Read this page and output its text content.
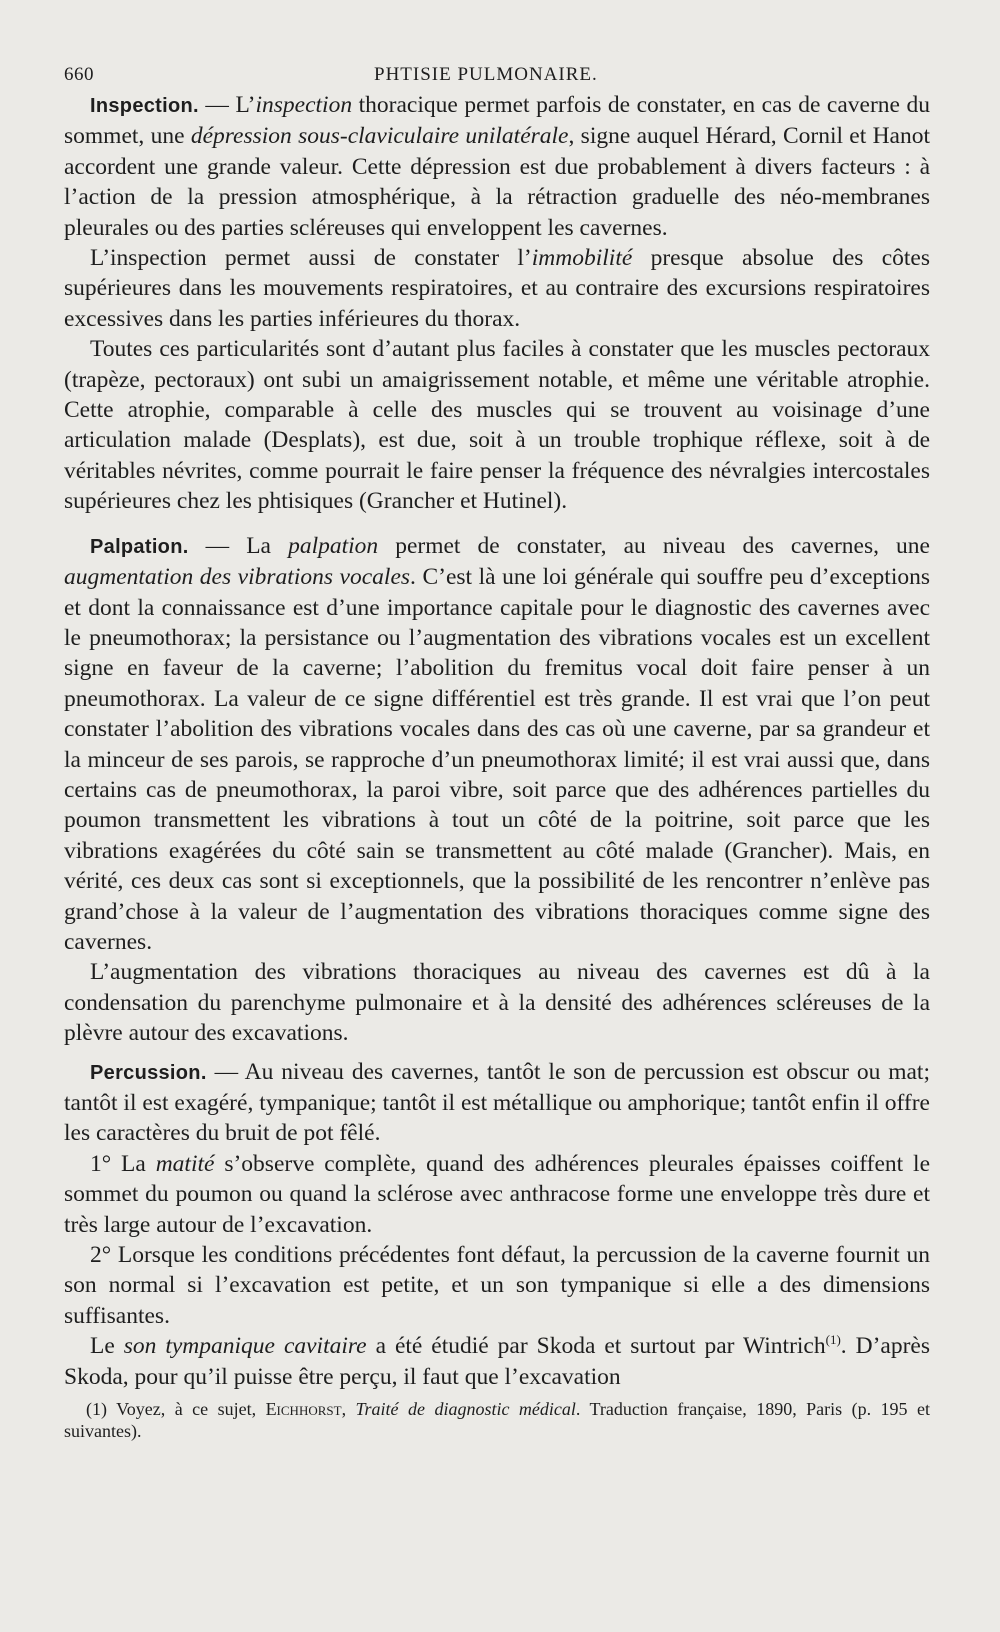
660	PHTISIE PULMONAIRE.

Inspection. — L’inspection thoracique permet parfois de constater, en cas de caverne du sommet, une dépression sous-claviculaire unilatérale, signe auquel Hérard, Cornil et Hanot accordent une grande valeur. Cette dépression est due probablement à divers facteurs : à l’action de la pression atmosphérique, à la rétraction graduelle des néo-membranes pleurales ou des parties scléreuses qui enveloppent les cavernes.

L’inspection permet aussi de constater l’immobilité presque absolue des côtes supérieures dans les mouvements respiratoires, et au contraire des excursions respiratoires excessives dans les parties inférieures du thorax.

Toutes ces particularités sont d’autant plus faciles à constater que les muscles pectoraux (trapèze, pectoraux) ont subi un amaigrissement notable, et même une véritable atrophie. Cette atrophie, comparable à celle des muscles qui se trouvent au voisinage d’une articulation malade (Desplats), est due, soit à un trouble trophique réflexe, soit à de véritables névrites, comme pourrait le faire penser la fréquence des névralgies intercostales supérieures chez les phtisiques (Grancher et Hutinel).

Palpation. — La palpation permet de constater, au niveau des cavernes, une augmentation des vibrations vocales. C’est là une loi générale qui souffre peu d’exceptions et dont la connaissance est d’une importance capitale pour le diagnostic des cavernes avec le pneumothorax; la persistance ou l’augmentation des vibrations vocales est un excellent signe en faveur de la caverne; l’abolition du fremitus vocal doit faire penser à un pneumothorax. La valeur de ce signe différentiel est très grande. Il est vrai que l’on peut constater l’abolition des vibrations vocales dans des cas où une caverne, par sa grandeur et la minceur de ses parois, se rapproche d’un pneumothorax limité; il est vrai aussi que, dans certains cas de pneumothorax, la paroi vibre, soit parce que des adhérences partielles du poumon transmettent les vibrations à tout un côté de la poitrine, soit parce que les vibrations exagérées du côté sain se transmettent au côté malade (Grancher). Mais, en vérité, ces deux cas sont si exceptionnels, que la possibilité de les rencontrer n’enlève pas grand’chose à la valeur de l’augmentation des vibrations thoraciques comme signe des cavernes.

L’augmentation des vibrations thoraciques au niveau des cavernes est dû à la condensation du parenchyme pulmonaire et à la densité des adhérences scléreuses de la plèvre autour des excavations.

Percussion. — Au niveau des cavernes, tantôt le son de percussion est obscur ou mat; tantôt il est exagéré, tympanique; tantôt il est métallique ou amphorique; tantôt enfin il offre les caractères du bruit de pot fêlé.

1° La matité s’observe complète, quand des adhérences pleurales épaisses coiffent le sommet du poumon ou quand la sclérose avec anthracose forme une enveloppe très dure et très large autour de l’excavation.

2° Lorsque les conditions précédentes font défaut, la percussion de la caverne fournit un son normal si l’excavation est petite, et un son tympanique si elle a des dimensions suffisantes.

Le son tympanique cavitaire a été étudié par Skoda et surtout par Wintrich$^{(1)}$. D’après Skoda, pour qu’il puisse être perçu, il faut que l’excavation

(1) Voyez, à ce sujet, Eichhorst, Traité de diagnostic médical. Traduction française, 1890, Paris (p. 195 et suivantes).
